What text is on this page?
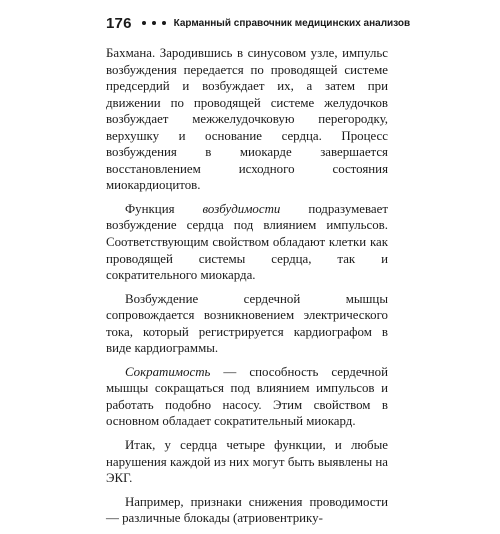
176	Карманный справочник медицинских анализов

Бахмана. Зародившись в синусовом узле, импульс возбуждения передается по проводящей системе предсердий и возбуждает их, а затем при движении по проводящей системе желудочков возбуждает межжелудочковую перегородку, верхушку и основание сердца. Процесс возбуждения в миокарде завершается восстановлением исходного состояния миокардиоцитов.

Функция возбудимости подразумевает возбуждение сердца под влиянием импульсов. Соответствующим свойством обладают клетки как проводящей системы сердца, так и сократительного миокарда.

Возбуждение сердечной мышцы сопровождается возникновением электрического тока, который регистрируется кардиографом в виде кардиограммы.

Сократимость — способность сердечной мышцы сокращаться под влиянием импульсов и работать подобно насосу. Этим свойством в основном обладает сократительный миокард.

Итак, у сердца четыре функции, и любые нарушения каждой из них могут быть выявлены на ЭКГ.

Например, признаки снижения проводимости — различные блокады (атриовентрику-
